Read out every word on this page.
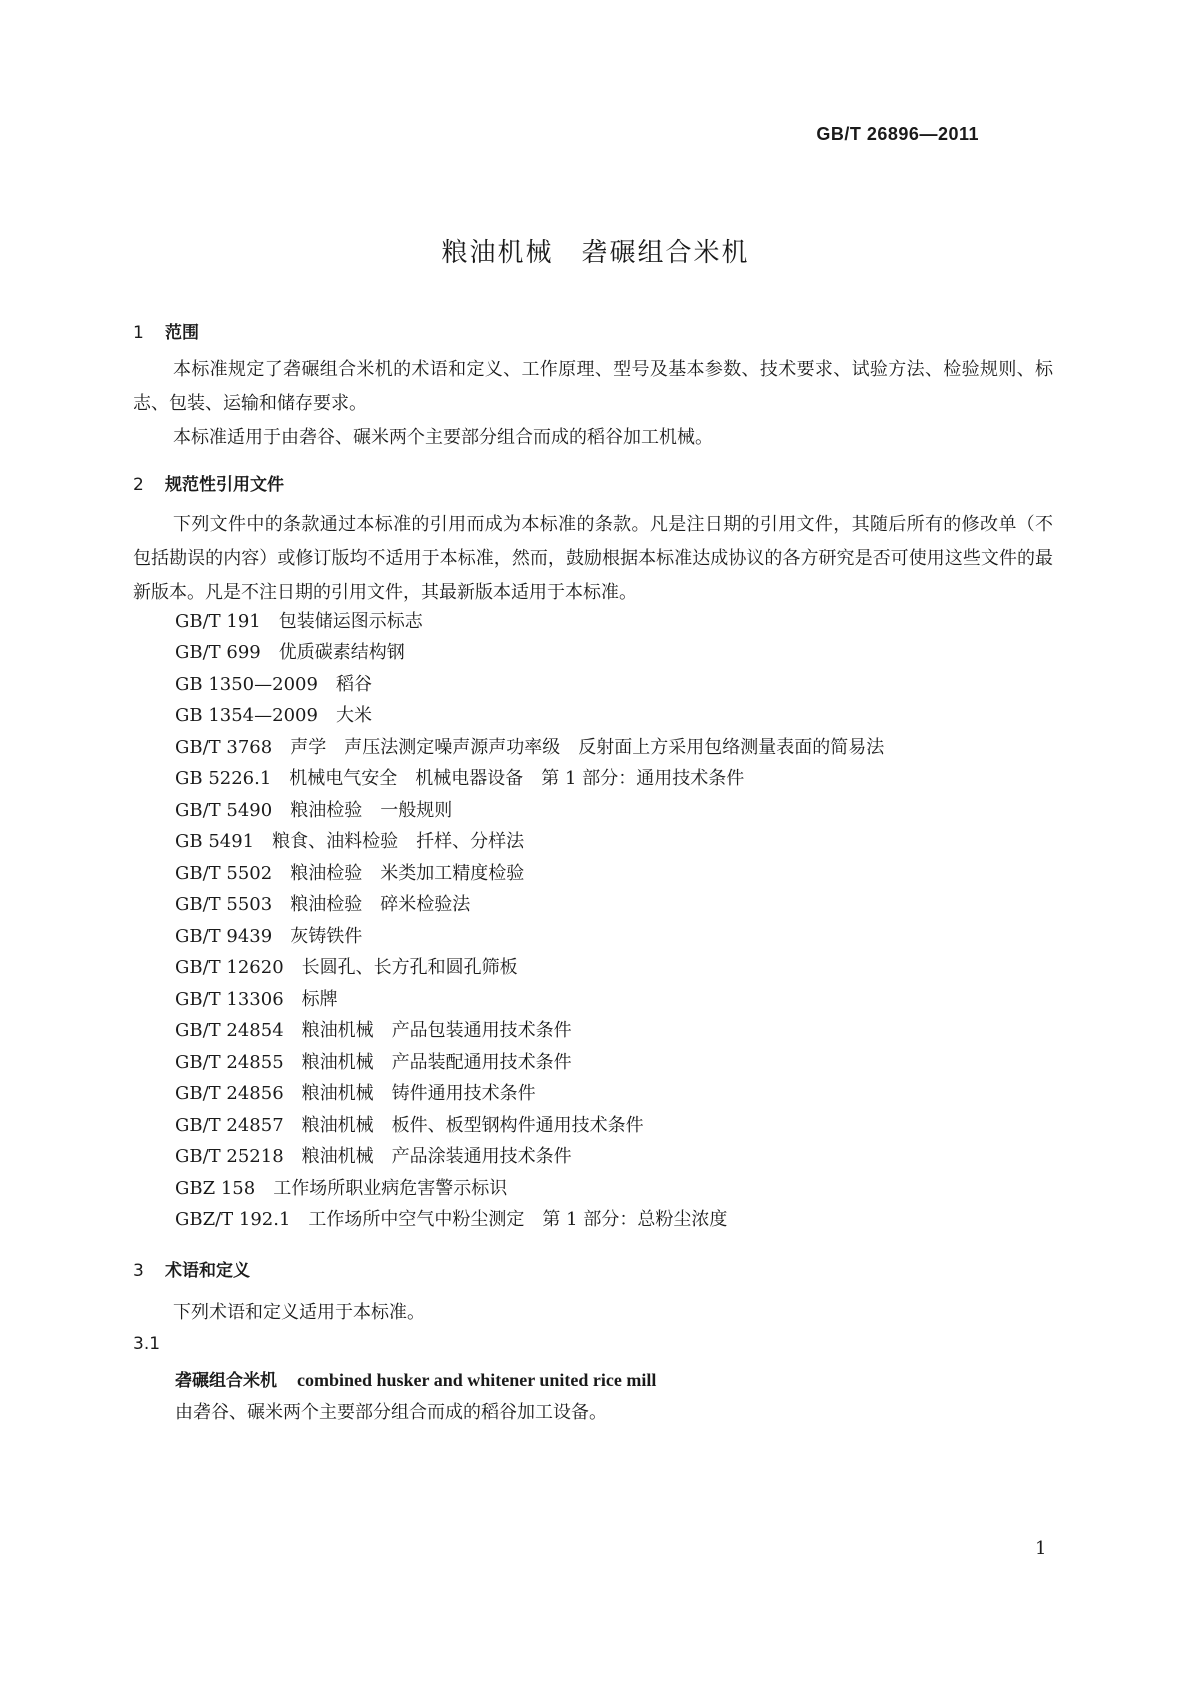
GB/T 26896—2011
粮油机械　砻碾组合米机
1 范围
本标准规定了砻碾组合米机的术语和定义、工作原理、型号及基本参数、技术要求、试验方法、检验规则、标志、包装、运输和储存要求。
本标准适用于由砻谷、碾米两个主要部分组合而成的稻谷加工机械。
2 规范性引用文件
下列文件中的条款通过本标准的引用而成为本标准的条款。凡是注日期的引用文件，其随后所有的修改单（不包括勘误的内容）或修订版均不适用于本标准，然而，鼓励根据本标准达成协议的各方研究是否可使用这些文件的最新版本。凡是不注日期的引用文件，其最新版本适用于本标准。
GB/T 191　包装储运图示标志
GB/T 699　优质碳素结构钢
GB 1350—2009　稻谷
GB 1354—2009　大米
GB/T 3768　声学　声压法测定噪声源声功率级　反射面上方采用包络测量表面的简易法
GB 5226.1　机械电气安全　机械电器设备　第 1 部分：通用技术条件
GB/T 5490　粮油检验　一般规则
GB 5491　粮食、油料检验　扦样、分样法
GB/T 5502　粮油检验　米类加工精度检验
GB/T 5503　粮油检验　碎米检验法
GB/T 9439　灰铸铁件
GB/T 12620　长圆孔、长方孔和圆孔筛板
GB/T 13306　标牌
GB/T 24854　粮油机械　产品包装通用技术条件
GB/T 24855　粮油机械　产品装配通用技术条件
GB/T 24856　粮油机械　铸件通用技术条件
GB/T 24857　粮油机械　板件、板型钢构件通用技术条件
GB/T 25218　粮油机械　产品涂装通用技术条件
GBZ 158　工作场所职业病危害警示标识
GBZ/T 192.1　工作场所中空气中粉尘测定　第 1 部分：总粉尘浓度
3 术语和定义
下列术语和定义适用于本标准。
3.1
砻碾组合米机 combined husker and whitener united rice mill
由砻谷、碾米两个主要部分组合而成的稻谷加工设备。
1
